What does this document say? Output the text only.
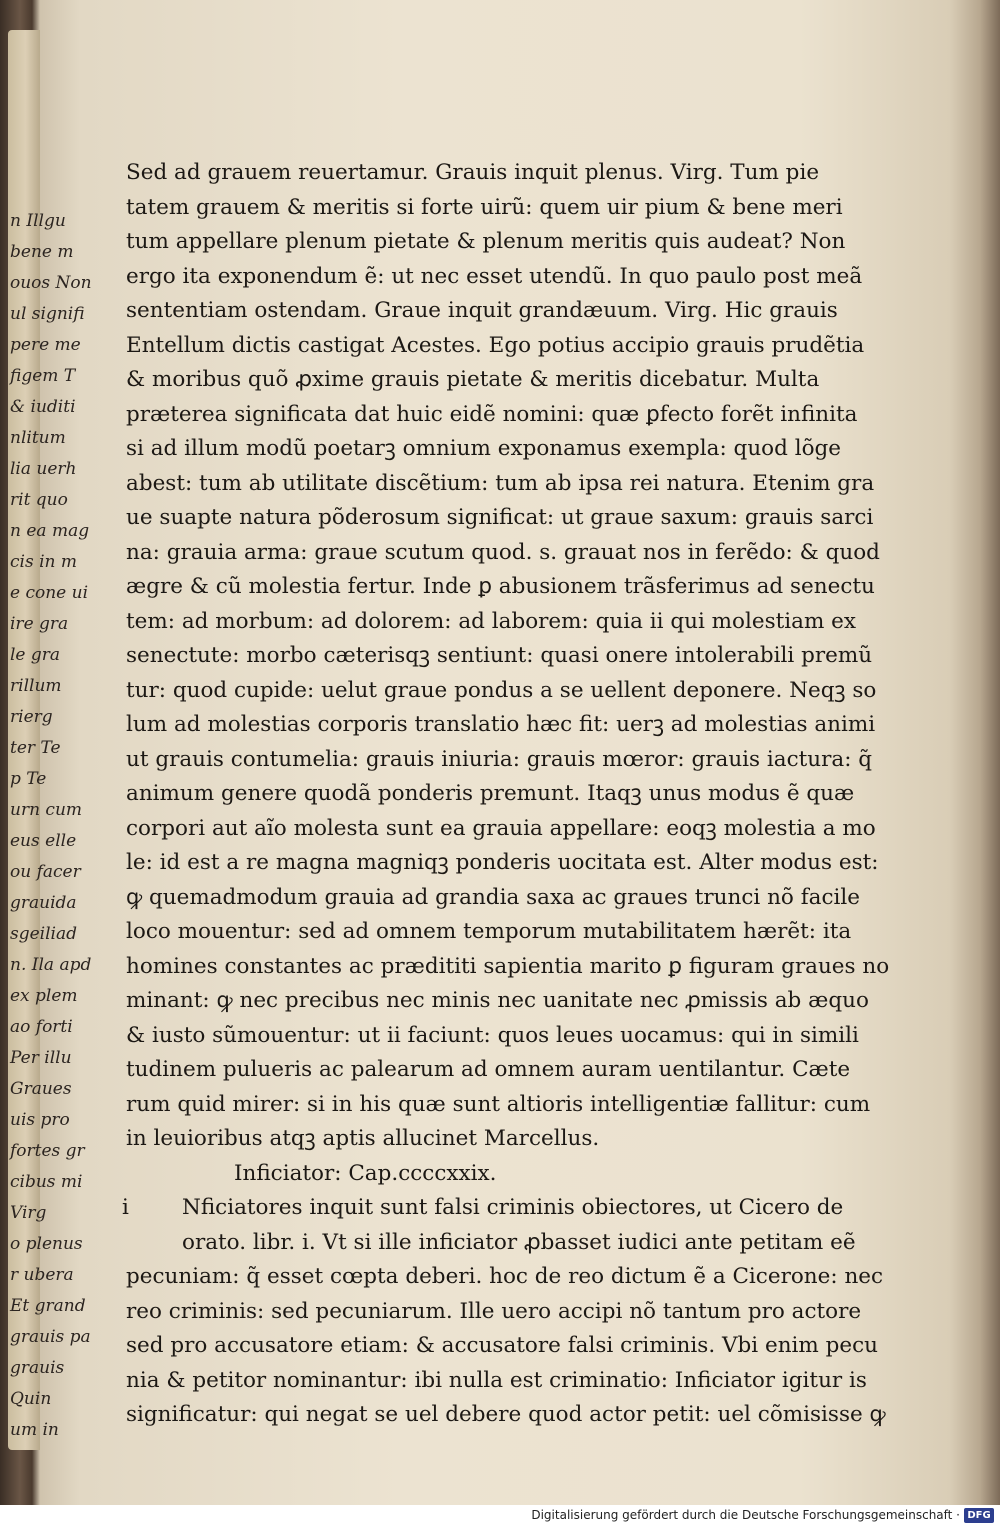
n Illgu
bene m
ouos Non
ul signifi
pere me
figem T
& iuditi
nlitum
lia uerh
rit quo
n ea mag
cis in m
e cone ui
ire gra
le gra
rillum
rierg
ter Te
p Te
urn cum
eus elle
ou facer
grauida
sgeiliad
n. Ila apd
ex plem
ao forti
Per illu
Graues
uis pro
fortes gr
cibus mi
Virg
o plenus
r ubera
Et grand
grauis pa
grauis
Quin
um in
Sed ad grauem reuertamur. Grauis inquit plenus. Virg. Tum pie
tatem grauem & meritis si forte uirũ: quem uir pium & bene meri
tum appellare plenum pietate & plenum meritis quis audeat? Non
ergo ita exponendum ẽ: ut nec esset utendũ. In quo paulo post meã
sententiam ostendam. Graue inquit grandæuum. Virg. Hic grauis
Entellum dictis castigat Acestes. Ego potius accipio grauis prudẽtia
& moribus quõ ꝓxime grauis pietate & meritis dicebatur. Multa
præterea significata dat huic eidẽ nomini: quæ ꝑfecto forẽt infinita
si ad illum modũ poetarꝫ omnium exponamus exempla: quod lõge
abest: tum ab utilitate discẽtium: tum ab ipsa rei natura. Etenim gra
ue suapte natura põderosum significat: ut graue saxum: grauis sarci
na: grauia arma: graue scutum quod. s. grauat nos in ferẽdo: & quod
ægre & cũ molestia fertur. Inde ꝑ abusionem trãsferimus ad senectu
tem: ad morbum: ad dolorem: ad laborem: quia ii qui molestiam ex
senectute: morbo cæterisqꝫ sentiunt: quasi onere intolerabili premũ
tur: quod cupide: uelut graue pondus a se uellent deponere. Neqꝫ so
lum ad molestias corporis translatio hæc fit: uerꝫ ad molestias animi
ut grauis contumelia: grauis iniuria: grauis mœror: grauis iactura: q̃
animum genere quodã ponderis premunt. Itaqꝫ unus modus ẽ quæ
corpori aut aĩo molesta sunt ea grauia appellare: eoqꝫ molestia a mo
le: id est a re magna magniqꝫ ponderis uocitata est. Alter modus est:
ꝙ quemadmodum grauia ad grandia saxa ac graues trunci nõ facile
loco mouentur: sed ad omnem temporum mutabilitatem hærẽt: ita
homines constantes ac prædititi sapientia marito ꝑ figuram graues no
minant: ꝙ nec precibus nec minis nec uanitate nec ꝓmissis ab æquo
& iusto sũmouentur: ut ii faciunt: quos leues uocamus: qui in simili
tudinem pulueris ac palearum ad omnem auram uentilantur. Cæte
rum quid mirer: si in his quæ sunt altioris intelligentiæ fallitur: cum
in leuioribus atqꝫ aptis allucinet Marcellus.
Inficiator: Cap.ccccxxix.
i	Nficiatores inquit sunt falsi criminis obiectores, ut Cicero de
orato. libr. i. Vt si ille inficiator ꝓbasset iudici ante petitam eẽ
pecuniam: q̃ esset cœpta deberi. hoc de reo dictum ẽ a Cicerone: nec
reo criminis: sed pecuniarum. Ille uero accipi nõ tantum pro actore
sed pro accusatore etiam: & accusatore falsi criminis. Vbi enim pecu
nia & petitor nominantur: ibi nulla est criminatio: Inficiator igitur is
significatur: qui negat se uel debere quod actor petit: uel cõmisisse ꝙ
Digitalisierung gefördert durch die Deutsche Forschungsgemeinschaft · DFG
